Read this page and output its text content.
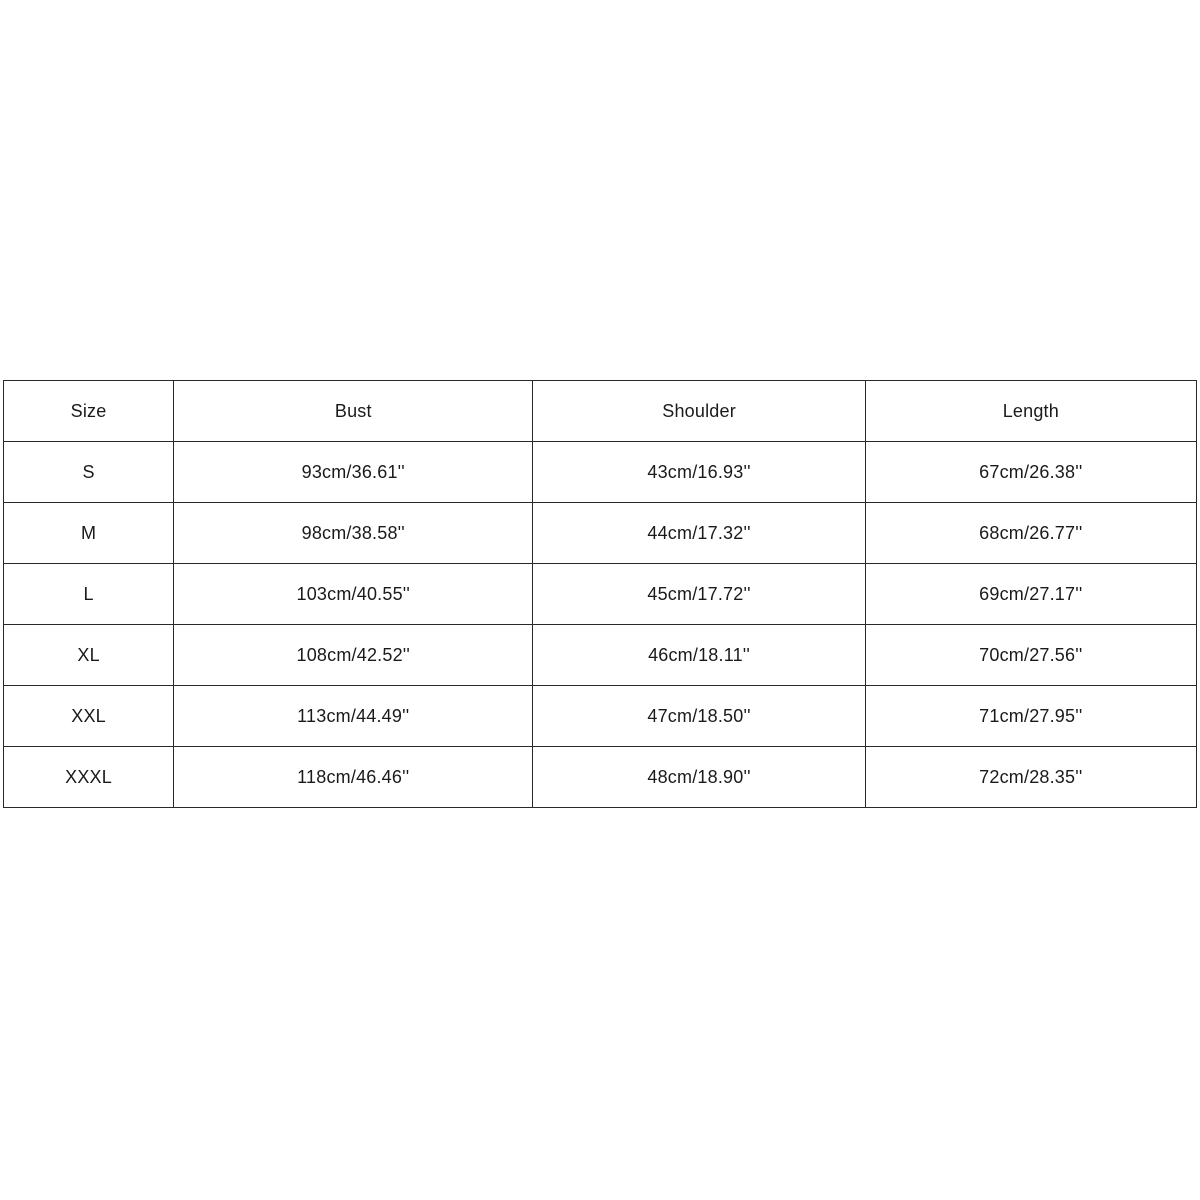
Size	Bust	Shoulder	Length
S	93cm/36.61''	43cm/16.93''	67cm/26.38''
M	98cm/38.58''	44cm/17.32''	68cm/26.77''
L	103cm/40.55''	45cm/17.72''	69cm/27.17''
XL	108cm/42.52''	46cm/18.11''	70cm/27.56''
XXL	113cm/44.49''	47cm/18.50''	71cm/27.95''
XXXL	118cm/46.46''	48cm/18.90''	72cm/28.35''
